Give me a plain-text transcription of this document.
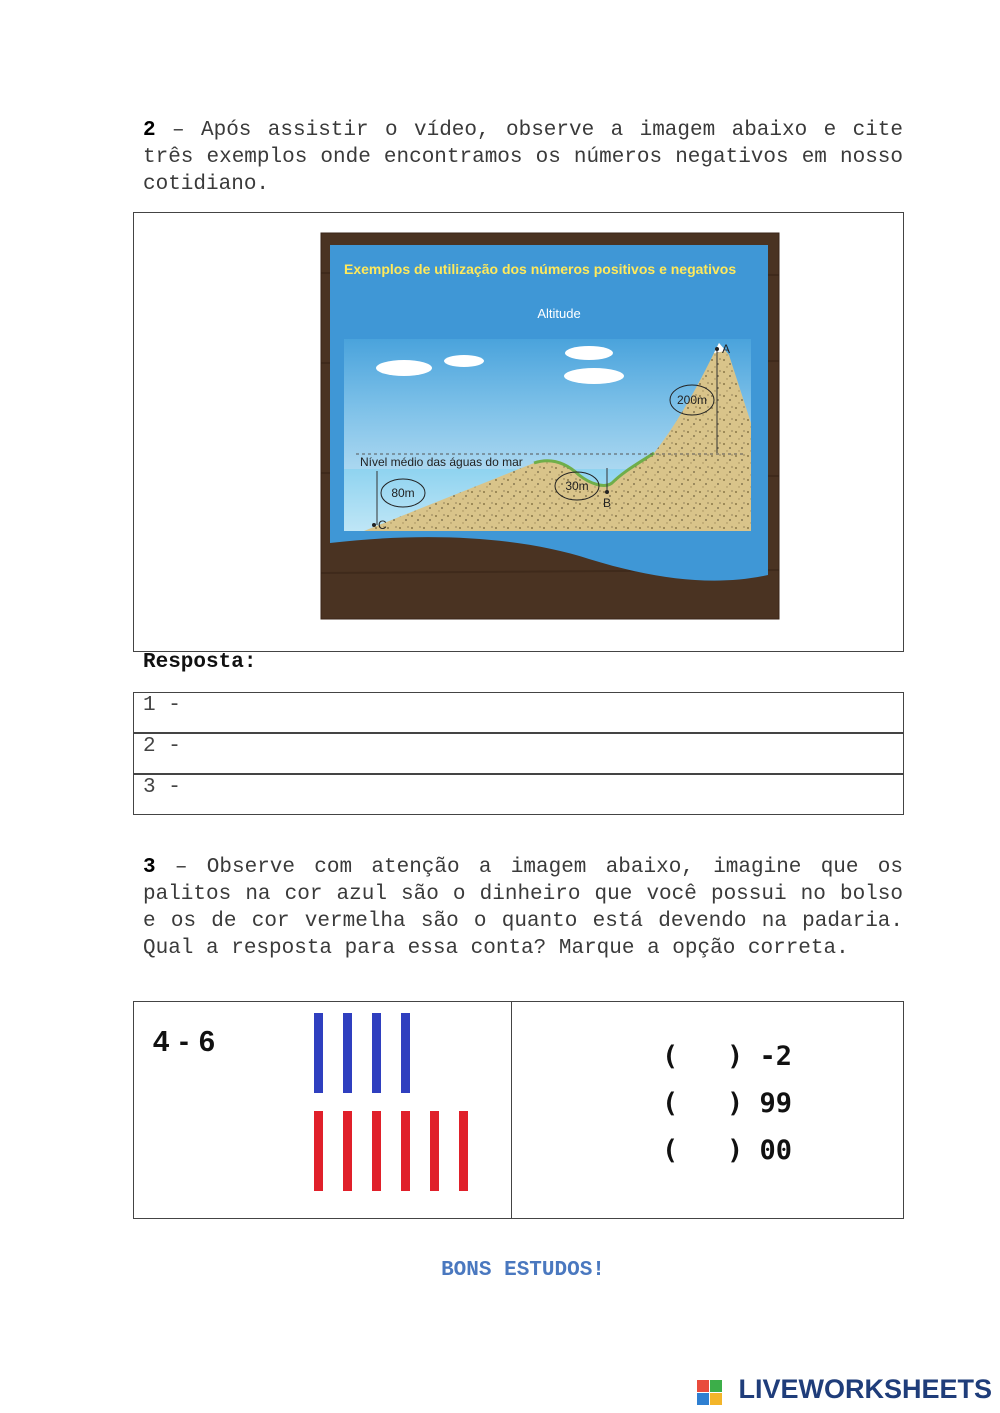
2 – Após assistir o vídeo, observe a imagem abaixo e cite três exemplos onde encontramos os números negativos em nosso cotidiano.
Exemplos de utilização dos números positivos e negativos
Altitude
Nível médio das águas do mar
80m	30m
200m
A
B
C
Resposta:
1 -
2 -
3 -
3 – Observe com atenção a imagem abaixo, imagine que os palitos na cor azul são o dinheiro que você possui no bolso e os de cor vermelha são o quanto está devendo na padaria. Qual a resposta para essa conta? Marque a opção correta.
4 - 6	(   ) -2
(   ) 99
(   ) 00
BONS ESTUDOS!
LIVEWORKSHEETS
